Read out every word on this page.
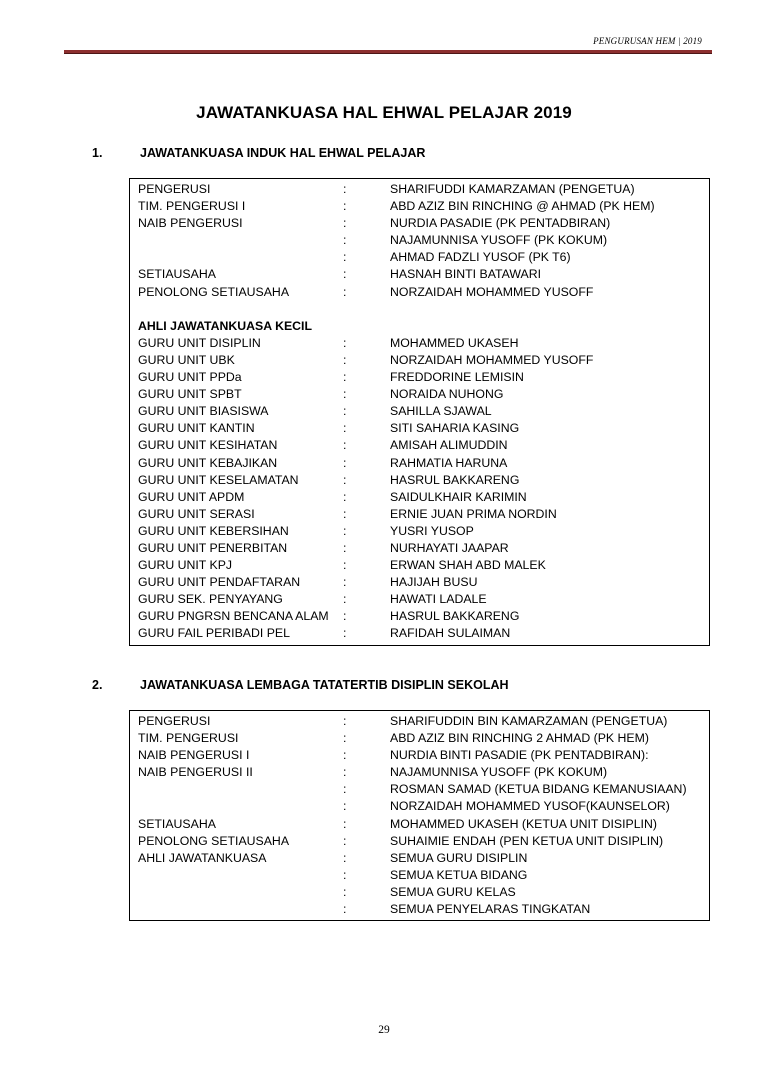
PENGURUSAN HEM | 2019
JAWATANKUASA HAL EHWAL PELAJAR 2019
1.	JAWATANKUASA INDUK HAL EHWAL PELAJAR
PENGERUSI	:	SHARIFUDDI KAMARZAMAN (PENGETUA)
TIM. PENGERUSI I	:	ABD AZIZ BIN RINCHING @ AHMAD (PK HEM)
NAIB PENGERUSI	:	NURDIA PASADIE (PK PENTADBIRAN)
:	NAJAMUNNISA YUSOFF (PK KOKUM)
:	AHMAD FADZLI YUSOF (PK T6)
SETIAUSAHA	:	HASNAH BINTI BATAWARI
PENOLONG SETIAUSAHA	:	NORZAIDAH MOHAMMED YUSOFF
AHLI JAWATANKUASA KECIL
GURU UNIT DISIPLIN	:	MOHAMMED UKASEH
GURU UNIT UBK	:	NORZAIDAH MOHAMMED YUSOFF
GURU UNIT PPDa	:	FREDDORINE LEMISIN
GURU UNIT SPBT	:	NORAIDA NUHONG
GURU UNIT BIASISWA	:	SAHILLA SJAWAL
GURU UNIT KANTIN	:	SITI SAHARIA KASING
GURU UNIT KESIHATAN	:	AMISAH ALIMUDDIN
GURU UNIT KEBAJIKAN	:	RAHMATIA HARUNA
GURU UNIT KESELAMATAN	:	HASRUL BAKKARENG
GURU UNIT APDM	:	SAIDULKHAIR KARIMIN
GURU UNIT SERASI	:	ERNIE JUAN PRIMA NORDIN
GURU UNIT KEBERSIHAN	:	YUSRI YUSOP
GURU UNIT PENERBITAN	:	NURHAYATI JAAPAR
GURU UNIT KPJ	:	ERWAN SHAH ABD MALEK
GURU UNIT PENDAFTARAN	:	HAJIJAH BUSU
GURU SEK. PENYAYANG	:	HAWATI LADALE
GURU PNGRSN BENCANA ALAM :	HASRUL BAKKARENG
GURU FAIL PERIBADI PEL	:	RAFIDAH SULAIMAN
2.	JAWATANKUASA LEMBAGA TATATERTIB DISIPLIN SEKOLAH
PENGERUSI	:	SHARIFUDDIN BIN KAMARZAMAN (PENGETUA)
TIM. PENGERUSI	:	ABD AZIZ BIN RINCHING 2 AHMAD (PK HEM)
NAIB PENGERUSI I	:	NURDIA BINTI PASADIE (PK PENTADBIRAN):
NAIB PENGERUSI II	:	NAJAMUNNISA YUSOFF (PK KOKUM)
:	ROSMAN SAMAD (KETUA BIDANG KEMANUSIAAN)
:	NORZAIDAH MOHAMMED YUSOF(KAUNSELOR)
SETIAUSAHA	:	MOHAMMED UKASEH (KETUA UNIT DISIPLIN)
PENOLONG SETIAUSAHA	:	SUHAIMIE ENDAH (PEN KETUA UNIT DISIPLIN)
AHLI JAWATANKUASA	:	SEMUA GURU DISIPLIN
:	SEMUA KETUA BIDANG
:	SEMUA GURU KELAS
:	SEMUA PENYELARAS TINGKATAN
29
